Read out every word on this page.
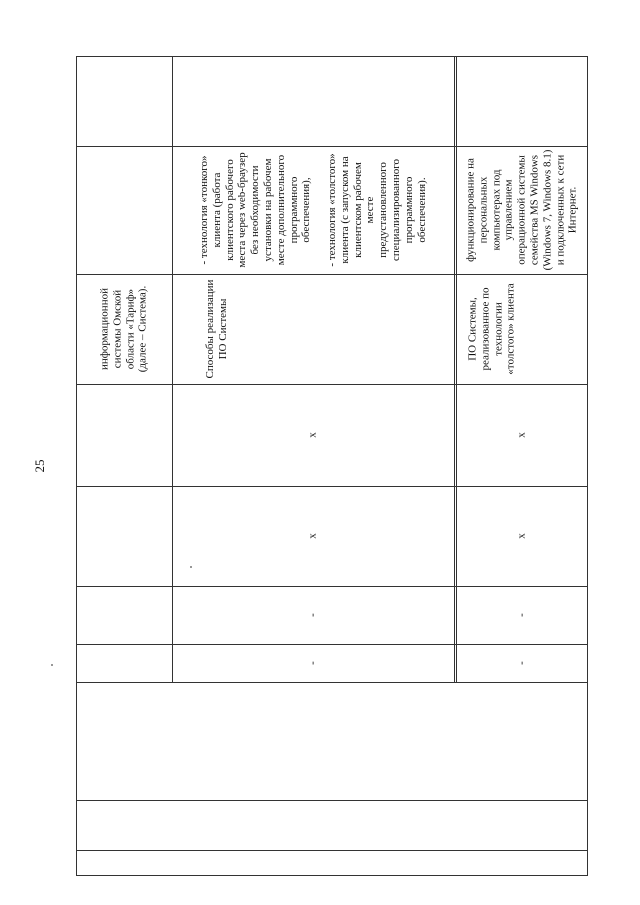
25
информационной системы Омской области «Тариф» (далее – Система).
- технология «тонкого» клиента (работа клиентского рабочего места через web-браузер без необходимости установки на рабочем месте дополнительного программного обеспечения),

- технология «толстого» клиента (с запуском на клиентском рабочем месте предустановленного специализированного программного обеспечения).
Способы реализации ПО Системы
х
х
-
-
функционирование на персональных компьютерах под управлением операционной системы семейства MS Windows (Windows 7, Windows 8.1) и подключенных к сети Интернет.
ПО Системы, реализованное по технологии «толстого» клиента
х
х
-
-
